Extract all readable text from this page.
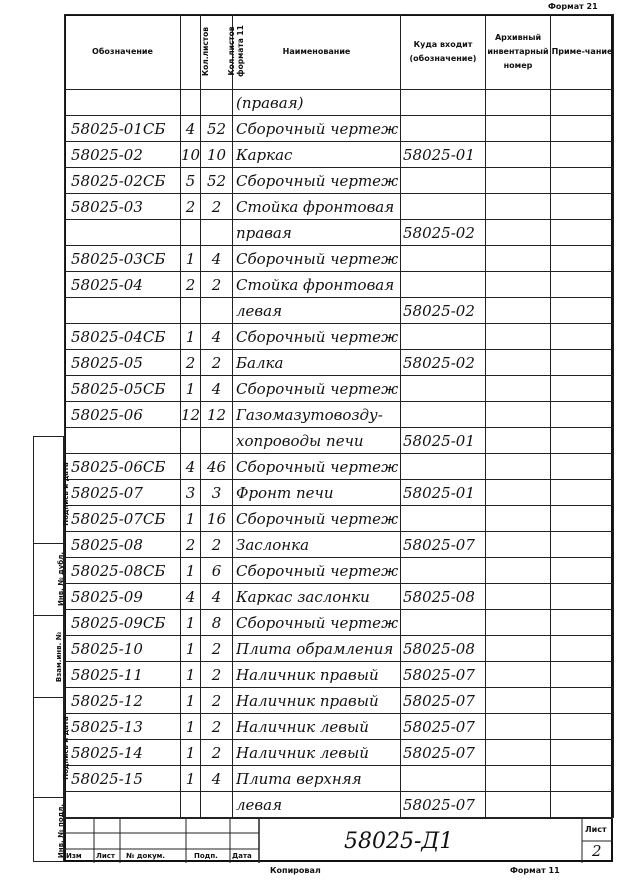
Формат 21
Обозначение	Кол.листов	Кол.листов формата 11	Наименование	Куда входит (обозначение)	Архивный инвентарный номер	Приме-чание
			(правая)			
58025-01СБ	4	52	Сборочный чертеж			
58025-02	10	10	Каркас	58025-01		
58025-02СБ	5	52	Сборочный чертеж			
58025-03	2	2	Стойка фронтовая			
			правая	58025-02		
58025-03СБ	1	4	Сборочный чертеж			
58025-04	2	2	Стойка фронтовая			
			левая	58025-02		
58025-04СБ	1	4	Сборочный чертеж			
58025-05	2	2	Балка	58025-02		
58025-05СБ	1	4	Сборочный чертеж			
58025-06	12	12	Газомазутовозду-			
			хопроводы печи	58025-01		
58025-06СБ	4	46	Сборочный чертеж			
58025-07	3	3	Фронт печи	58025-01		
58025-07СБ	1	16	Сборочный чертеж			
58025-08	2	2	Заслонка	58025-07		
58025-08СБ	1	6	Сборочный чертеж			
58025-09	4	4	Каркас заслонки	58025-08		
58025-09СБ	1	8	Сборочный чертеж			
58025-10	1	2	Плита обрамления	58025-08		
58025-11	1	2	Наличник правый	58025-07		
58025-12	1	2	Наличник правый	58025-07		
58025-13	1	2	Наличник левый	58025-07		
58025-14	1	2	Наличник левый	58025-07		
58025-15	1	4	Плита верхняя			
			левая	58025-07		
Подпись и дата
Инв. № дубл.
Взам.инв. №
Подпись и дата
Инв. № подл. Изм Лист № докум.	Подп. Дата
58025-Д1	Лист
2
Копировал	Формат 11
